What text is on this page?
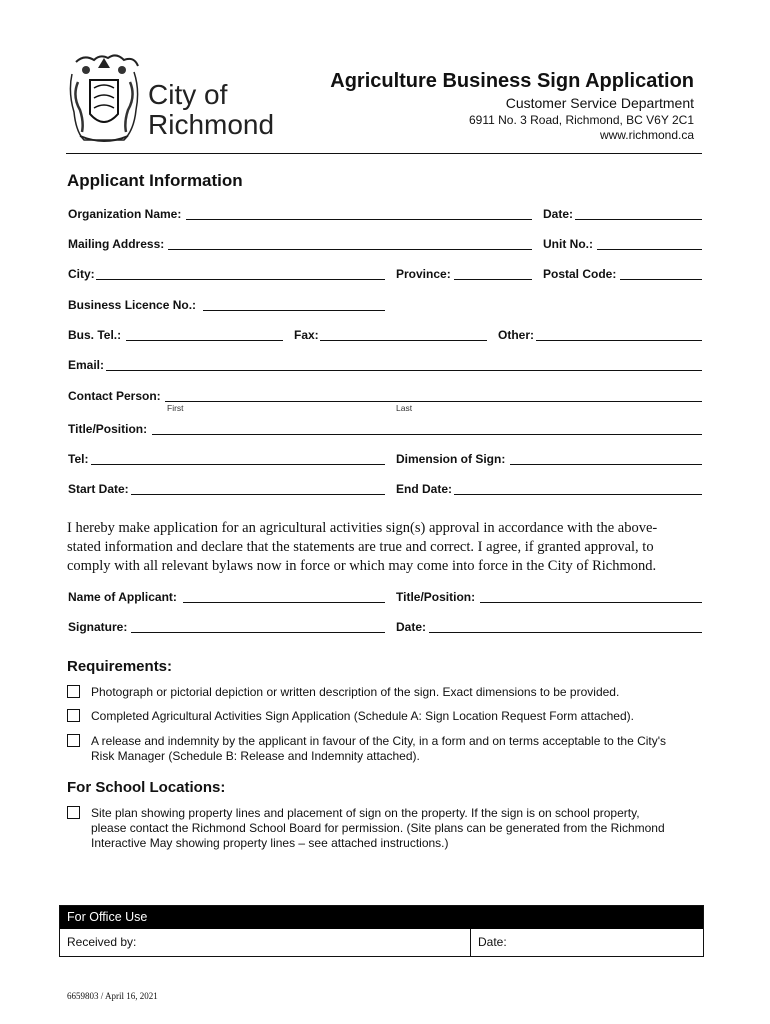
City of
Richmond
Agriculture Business Sign Application
Customer Service Department
6911 No. 3 Road, Richmond, BC V6Y 2C1
www.richmond.ca
Applicant Information
Organization Name:	Date:
Mailing Address:	Unit No.:
City:	Province:	Postal Code:
Business Licence No.:
Bus. Tel.:	Fax:	Other:
Email:
Contact Person:
First	Last
Title/Position:
Tel:	Dimension of Sign:
Start Date:	End Date:
I hereby make application for an agricultural activities sign(s) approval in accordance with the above-
stated information and declare that the statements are true and correct. I agree, if granted approval, to
comply with all relevant bylaws now in force or which may come into force in the City of Richmond.
Name of Applicant:	Title/Position:
Signature:	Date:
Requirements:
Photograph or pictorial depiction or written description of the sign. Exact dimensions to be provided.
Completed Agricultural Activities Sign Application (Schedule A: Sign Location Request Form attached).
A release and indemnity by the applicant in favour of the City, in a form and on terms acceptable to the City's
Risk Manager (Schedule B: Release and Indemnity attached).
For School Locations:
Site plan showing property lines and placement of sign on the property. If the sign is on school property,
please contact the Richmond School Board for permission. (Site plans can be generated from the Richmond
Interactive May showing property lines – see attached instructions.)
For Office Use
Received by:	Date:
6659803 / April 16, 2021
